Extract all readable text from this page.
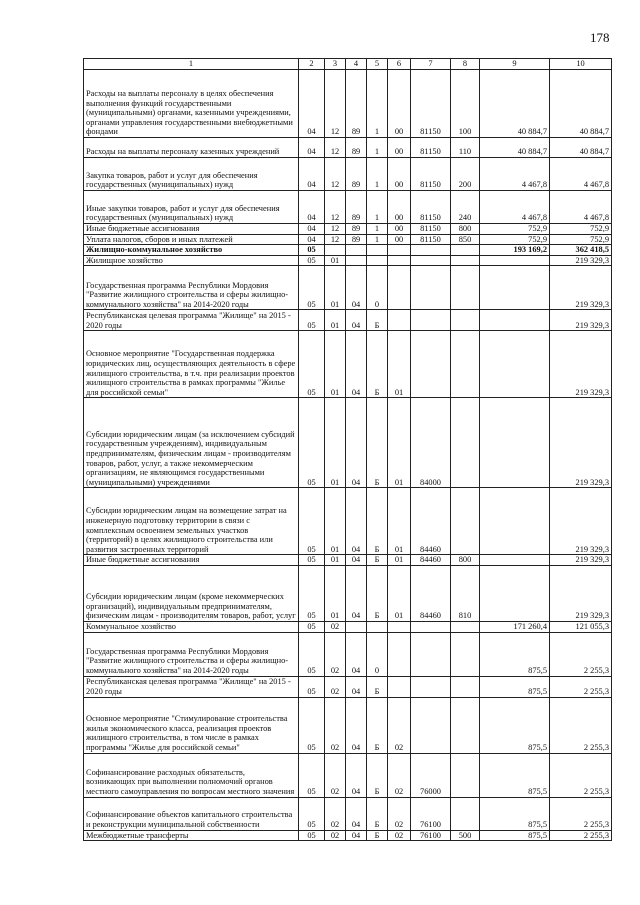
178
1	2	3	4	5	6	7	8	9	10
Расходы на выплаты персоналу в целях обеспечения выполнения функций государственными (муниципальными) органами, казенными учреждениями, органами управления государственными внебюджетными фондами	04	12	89	1	00	81150	100	40 884,7	40 884,7
Расходы на выплаты персоналу казенных учреждений	04	12	89	1	00	81150	110	40 884,7	40 884,7
Закупка товаров, работ и услуг для обеспечения государственных (муниципальных) нужд	04	12	89	1	00	81150	200	4 467,8	4 467,8
Иные закупки товаров, работ и услуг для обеспечения государственных (муниципальных) нужд	04	12	89	1	00	81150	240	4 467,8	4 467,8
Иные бюджетные ассигнования	04	12	89	1	00	81150	800	752,9	752,9
Уплата налогов, сборов и иных платежей	04	12	89	1	00	81150	850	752,9	752,9
Жилищно-коммунальное хозяйство	05							193 169,2	362 418,5
Жилищное хозяйство	05	01							219 329,3
Государственная программа Республики Мордовия "Развитие жилищного строительства и сферы жилищно-коммунального хозяйства" на 2014-2020 годы	05	01	04	0					219 329,3
Республиканская целевая программа "Жилище" на 2015 - 2020 годы	05	01	04	Б					219 329,3
Основное мероприятие "Государственная поддержка юридических лиц, осуществляющих деятельность в сфере жилищного строительства, в т.ч. при реализации проектов жилищного строительства в рамках программы "Жилье для российской семьи"	05	01	04	Б	01				219 329,3
Субсидии юридическим лицам (за исключением субсидий государственным учреждениям), индивидуальным предпринимателям, физическим лицам - производителям товаров, работ, услуг, а также некоммерческим организациям, не являющимся государственными (муниципальными) учреждениями	05	01	04	Б	01	84000			219 329,3
Субсидии юридическим лицам на возмещение затрат на инженерную подготовку территории в связи с комплексным освоением земельных участков (территорий) в целях жилищного строительства или развития застроенных территорий	05	01	04	Б	01	84460			219 329,3
Иные бюджетные ассигнования	05	01	04	Б	01	84460	800		219 329,3
Субсидии юридическим лицам (кроме некоммерческих организаций), индивидуальным предпринимателям, физическим лицам - производителям товаров, работ, услуг	05	01	04	Б	01	84460	810		219 329,3
Коммунальное хозяйство	05	02						171 260,4	121 055,3
Государственная программа Республики Мордовия "Развитие жилищного строительства и сферы жилищно-коммунального хозяйства" на 2014-2020 годы	05	02	04	0				875,5	2 255,3
Республиканская целевая программа "Жилище" на 2015 - 2020 годы	05	02	04	Б				875,5	2 255,3
Основное мероприятие "Стимулирование строительства жилья экономического класса, реализация проектов жилищного строительства, в том числе в рамках программы "Жилье для российской семьи"	05	02	04	Б	02			875,5	2 255,3
Софинансирование расходных обязательств, возникающих при выполнении полномочий органов местного самоуправления по вопросам местного значения	05	02	04	Б	02	76000		875,5	2 255,3
Софинансирование объектов капитального строительства и реконструкции муниципальной собственности	05	02	04	Б	02	76100		875,5	2 255,3
Межбюджетные трансферты	05	02	04	Б	02	76100	500	875,5	2 255,3
